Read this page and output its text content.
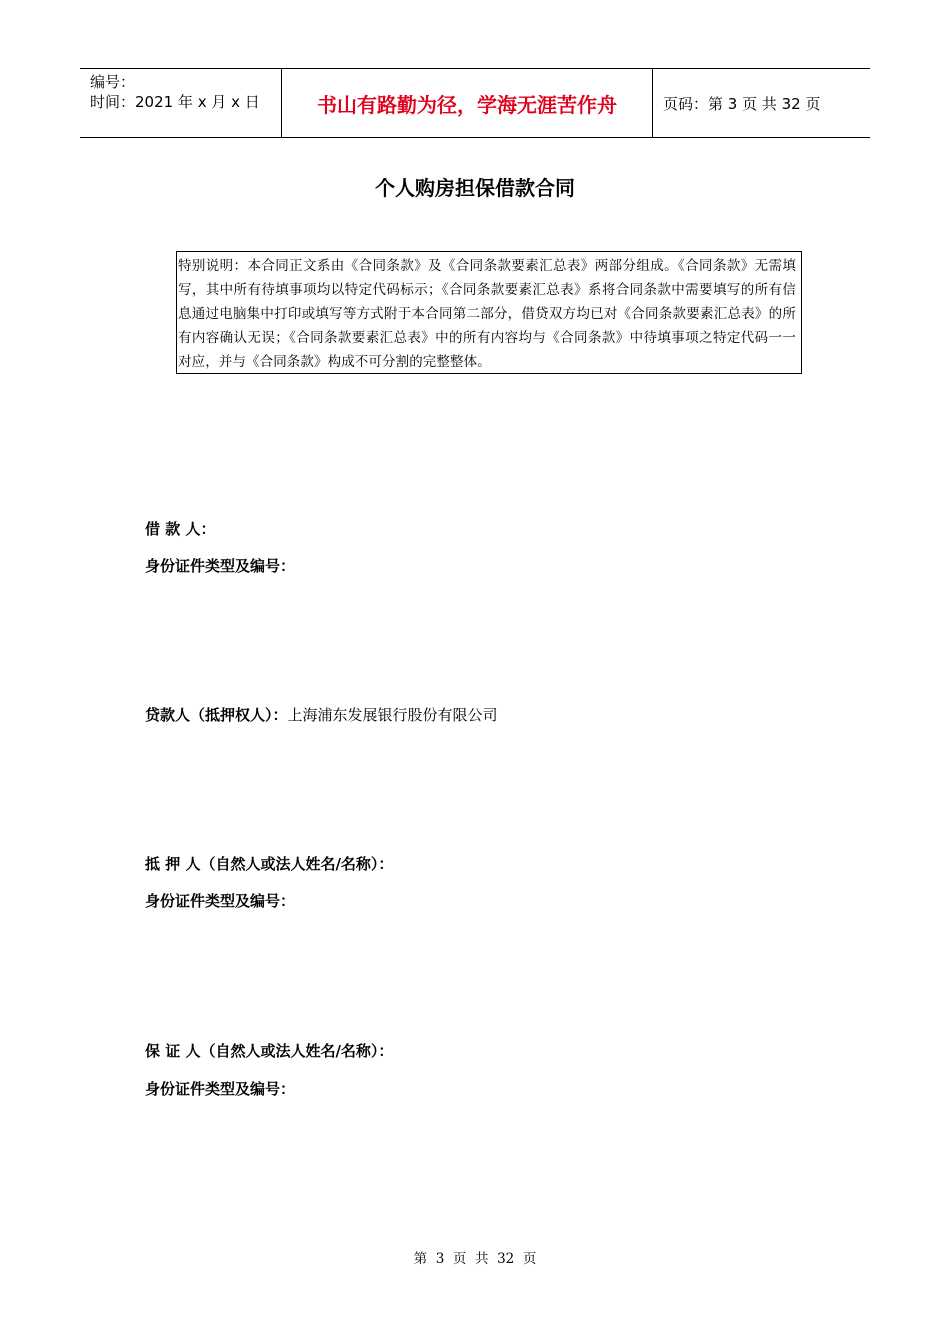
编号：
时间：2021 年 x 月 x 日	书山有路勤为径，学海无涯苦作舟	页码：第 3 页 共 32 页
个人购房担保借款合同
特别说明：本合同正文系由《合同条款》及《合同条款要素汇总表》两部分组成。《合同条款》无需填写，其中所有待填事项均以特定代码标示；《合同条款要素汇总表》系将合同条款中需要填写的所有信息通过电脑集中打印或填写等方式附于本合同第二部分，借贷双方均已对《合同条款要素汇总表》的所有内容确认无误；《合同条款要素汇总表》中的所有内容均与《合同条款》中待填事项之特定代码一一对应，并与《合同条款》构成不可分割的完整整体。
借 款 人：
身份证件类型及编号：
贷款人（抵押权人）：上海浦东发展银行股份有限公司
抵 押 人（自然人或法人姓名/名称）：
身份证件类型及编号：
保 证 人（自然人或法人姓名/名称）：
身份证件类型及编号：
第  3  页  共  32  页
